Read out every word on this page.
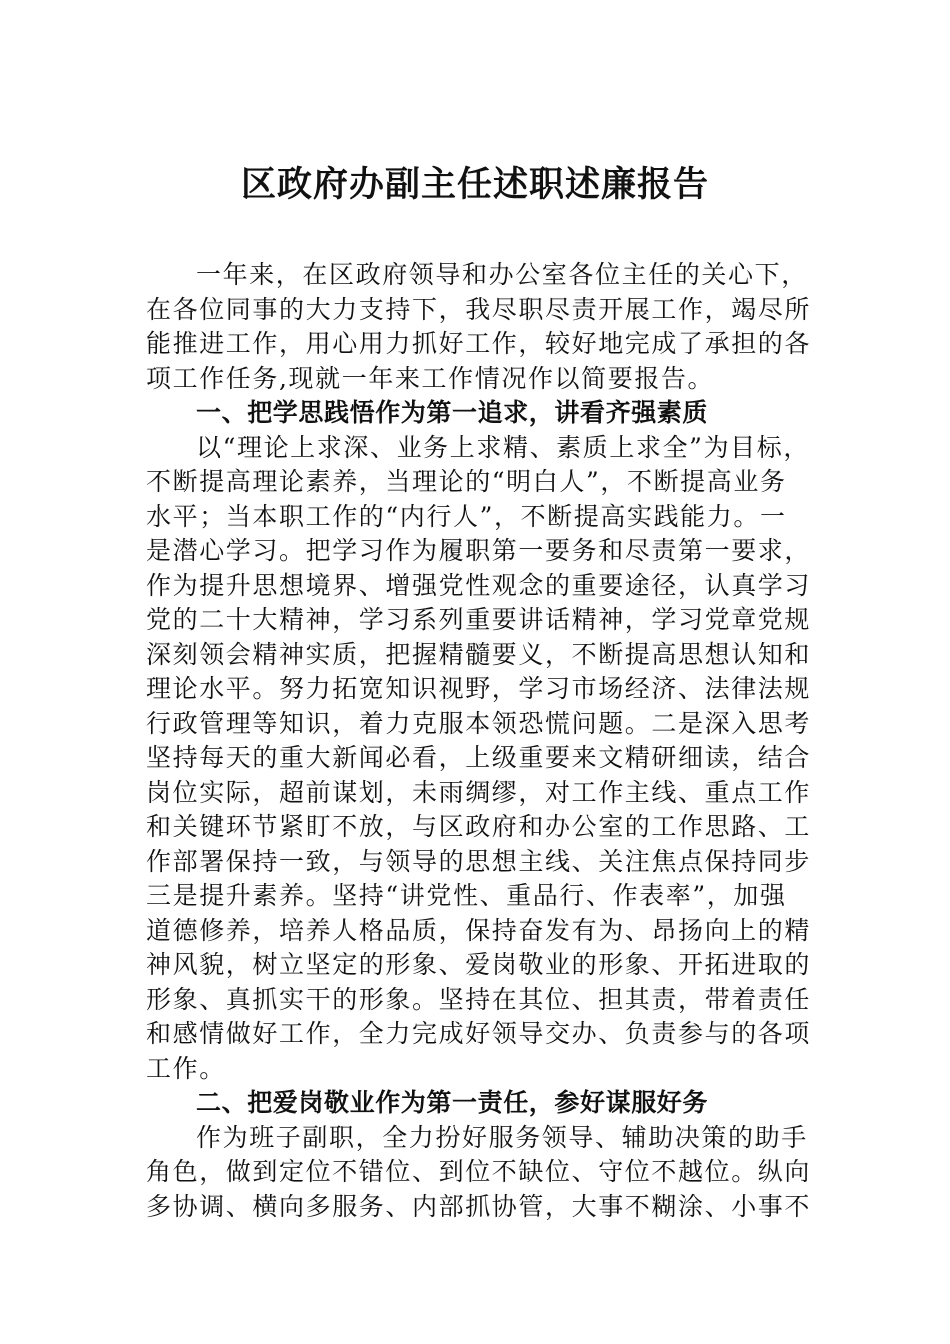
区政府办副主任述职述廉报告
一年来，在区政府领导和办公室各位主任的关心下，
在各位同事的大力支持下，我尽职尽责开展工作，竭尽所
能推进工作，用心用力抓好工作，较好地完成了承担的各
项工作任务,现就一年来工作情况作以简要报告。
一、把学思践悟作为第一追求，讲看齐强素质
以“理论上求深、业务上求精、素质上求全”为目标，
不断提高理论素养，当理论的“明白人”，不断提高业务
水平；当本职工作的“内行人”，不断提高实践能力。一
是潜心学习。把学习作为履职第一要务和尽责第一要求，
作为提升思想境界、增强党性观念的重要途径，认真学习
党的二十大精神，学习系列重要讲话精神，学习党章党规
深刻领会精神实质，把握精髓要义，不断提高思想认知和
理论水平。努力拓宽知识视野，学习市场经济、法律法规
行政管理等知识，着力克服本领恐慌问题。二是深入思考
坚持每天的重大新闻必看，上级重要来文精研细读，结合
岗位实际，超前谋划，未雨绸缪，对工作主线、重点工作
和关键环节紧盯不放，与区政府和办公室的工作思路、工
作部署保持一致，与领导的思想主线、关注焦点保持同步
三是提升素养。坚持“讲党性、重品行、作表率”，加强
道德修养，培养人格品质，保持奋发有为、昂扬向上的精
神风貌，树立坚定的形象、爱岗敬业的形象、开拓进取的
形象、真抓实干的形象。坚持在其位、担其责，带着责任
和感情做好工作，全力完成好领导交办、负责参与的各项
工作。
二、把爱岗敬业作为第一责任，参好谋服好务
作为班子副职，全力扮好服务领导、辅助决策的助手
角色，做到定位不错位、到位不缺位、守位不越位。纵向
多协调、横向多服务、内部抓协管，大事不糊涂、小事不
